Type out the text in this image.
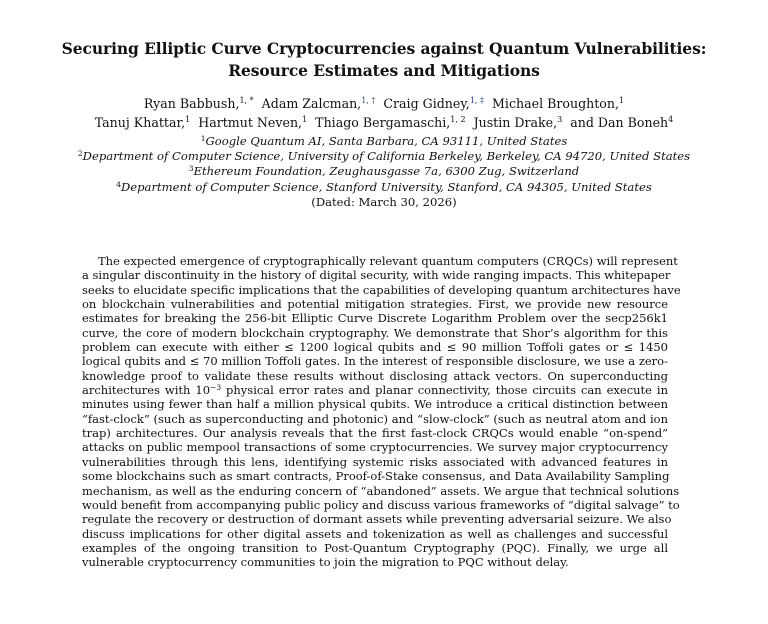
Securing Elliptic Curve Cryptocurrencies against Quantum Vulnerabilities:
Resource Estimates and Mitigations
Ryan Babbush,$^{1, *}$ Adam Zalcman,$^{1, \dagger}$ Craig Gidney,$^{1, \ddagger}$ Michael Broughton,$^1$
Tanuj Khattar,$^1$ Hartmut Neven,$^1$ Thiago Bergamaschi,$^{1, 2}$ Justin Drake,$^3$ and Dan Boneh$^4$
$^1$Google Quantum AI, Santa Barbara, CA 93111, United States
$^2$Department of Computer Science, University of California Berkeley, Berkeley, CA 94720, United States
$^3$Ethereum Foundation, Zeughausgasse 7a, 6300 Zug, Switzerland
$^4$Department of Computer Science, Stanford University, Stanford, CA 94305, United States
(Dated: March 30, 2026)
The expected emergence of cryptographically relevant quantum computers (CRQCs) will represent
a singular discontinuity in the history of digital security, with wide ranging impacts. This whitepaper
seeks to elucidate specific implications that the capabilities of developing quantum architectures have
on blockchain vulnerabilities and potential mitigation strategies. First, we provide new resource
estimates for breaking the 256-bit Elliptic Curve Discrete Logarithm Problem over the secp256k1
curve, the core of modern blockchain cryptography. We demonstrate that Shor’s algorithm for this
problem can execute with either ≤ 1200 logical qubits and ≤ 90 million Toffoli gates or ≤ 1450
logical qubits and ≤ 70 million Toffoli gates. In the interest of responsible disclosure, we use a zero-
knowledge proof to validate these results without disclosing attack vectors. On superconducting
architectures with $10^{-3}$ physical error rates and planar connectivity, those circuits can execute in
minutes using fewer than half a million physical qubits. We introduce a critical distinction between
“fast-clock” (such as superconducting and photonic) and “slow-clock” (such as neutral atom and ion
trap) architectures. Our analysis reveals that the first fast-clock CRQCs would enable “on-spend”
attacks on public mempool transactions of some cryptocurrencies. We survey major cryptocurrency
vulnerabilities through this lens, identifying systemic risks associated with advanced features in
some blockchains such as smart contracts, Proof-of-Stake consensus, and Data Availability Sampling
mechanism, as well as the enduring concern of “abandoned” assets. We argue that technical solutions
would benefit from accompanying public policy and discuss various frameworks of “digital salvage” to
regulate the recovery or destruction of dormant assets while preventing adversarial seizure. We also
discuss implications for other digital assets and tokenization as well as challenges and successful
examples of the ongoing transition to Post-Quantum Cryptography (PQC). Finally, we urge all
vulnerable cryptocurrency communities to join the migration to PQC without delay.
